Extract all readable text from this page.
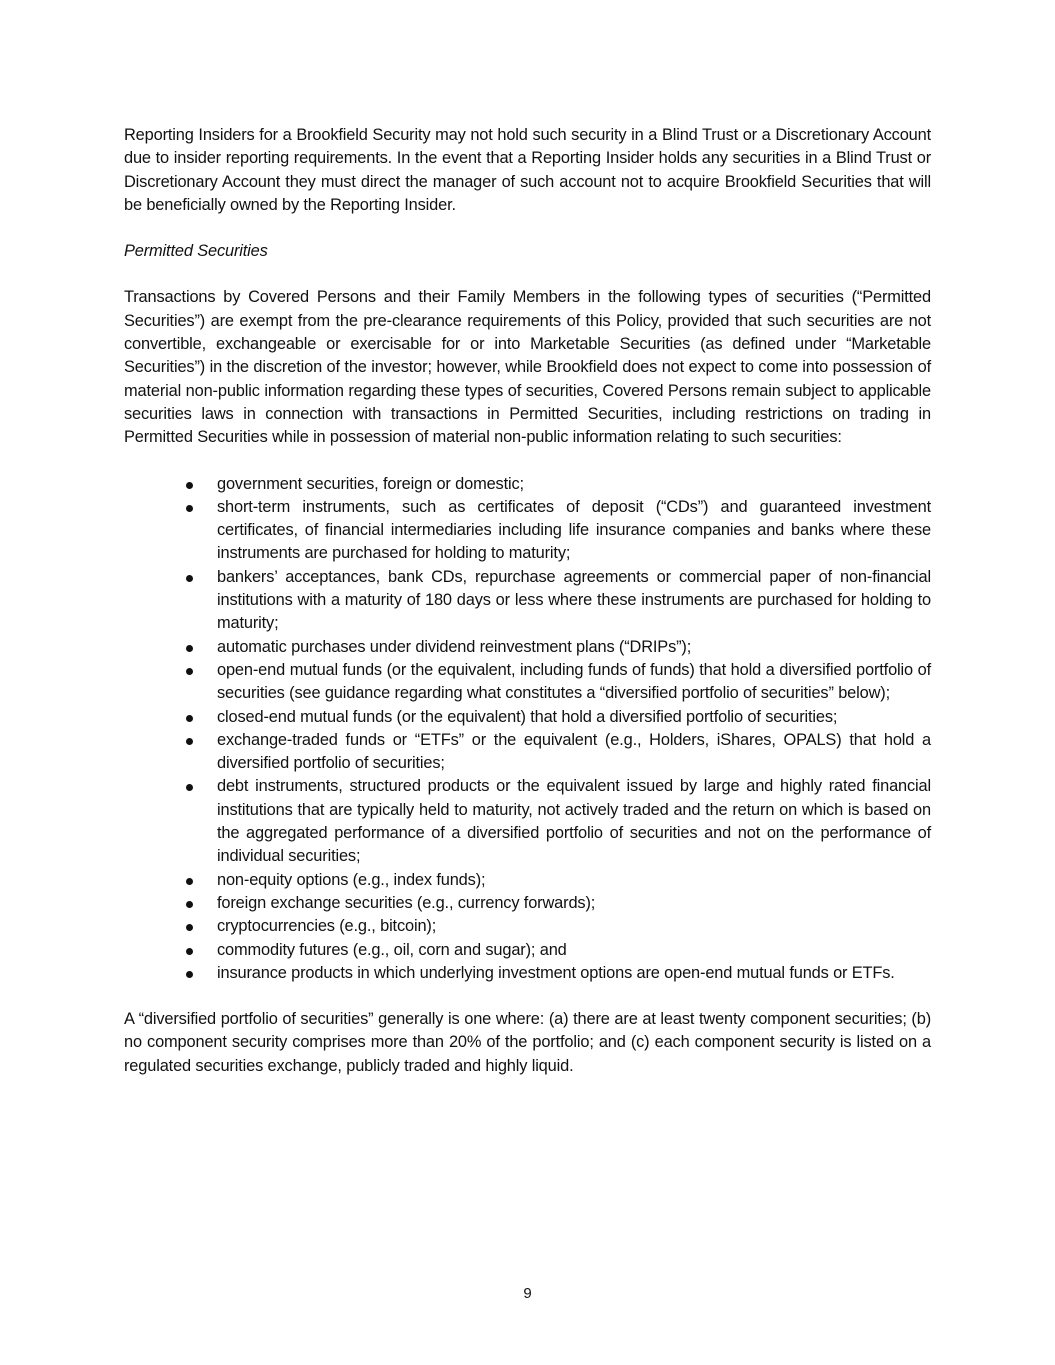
Reporting Insiders for a Brookfield Security may not hold such security in a Blind Trust or a Discretionary Account due to insider reporting requirements. In the event that a Reporting Insider holds any securities in a Blind Trust or Discretionary Account they must direct the manager of such account not to acquire Brookfield Securities that will be beneficially owned by the Reporting Insider.

Permitted Securities

Transactions by Covered Persons and their Family Members in the following types of securities (“Permitted Securities”) are exempt from the pre-clearance requirements of this Policy, provided that such securities are not convertible, exchangeable or exercisable for or into Marketable Securities (as defined under “Marketable Securities”) in the discretion of the investor; however, while Brookfield does not expect to come into possession of material non-public information regarding these types of securities, Covered Persons remain subject to applicable securities laws in connection with transactions in Permitted Securities, including restrictions on trading in Permitted Securities while in possession of material non-public information relating to such securities:

government securities, foreign or domestic;
short-term instruments, such as certificates of deposit (“CDs”) and guaranteed investment certificates, of financial intermediaries including life insurance companies and banks where these instruments are purchased for holding to maturity;
bankers’ acceptances, bank CDs, repurchase agreements or commercial paper of non-financial institutions with a maturity of 180 days or less where these instruments are purchased for holding to maturity;
automatic purchases under dividend reinvestment plans (“DRIPs”);
open-end mutual funds (or the equivalent, including funds of funds) that hold a diversified portfolio of securities (see guidance regarding what constitutes a “diversified portfolio of securities” below);
closed-end mutual funds (or the equivalent) that hold a diversified portfolio of securities;
exchange-traded funds or “ETFs” or the equivalent (e.g., Holders, iShares, OPALS) that hold a diversified portfolio of securities;
debt instruments, structured products or the equivalent issued by large and highly rated financial institutions that are typically held to maturity, not actively traded and the return on which is based on the aggregated performance of a diversified portfolio of securities and not on the performance of individual securities;
non-equity options (e.g., index funds);
foreign exchange securities (e.g., currency forwards);
cryptocurrencies (e.g., bitcoin);
commodity futures (e.g., oil, corn and sugar); and
insurance products in which underlying investment options are open-end mutual funds or ETFs.

A “diversified portfolio of securities” generally is one where: (a) there are at least twenty component securities; (b) no component security comprises more than 20% of the portfolio; and (c) each component security is listed on a regulated securities exchange, publicly traded and highly liquid.

9
